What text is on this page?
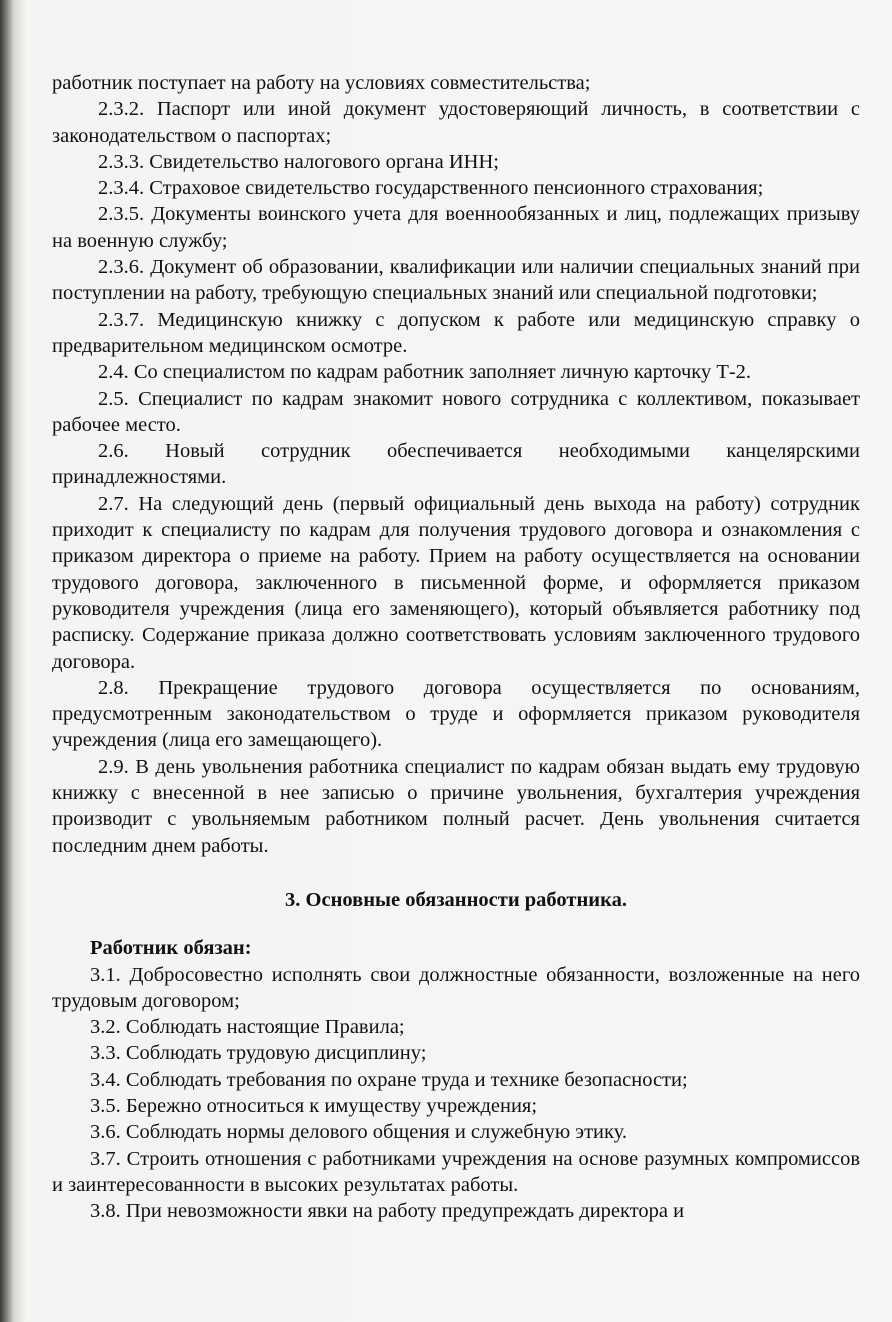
работник поступает на работу на условиях совместительства;

2.3.2. Паспорт или иной документ удостоверяющий личность, в соответствии с законодательством о паспортах;

2.3.3. Свидетельство налогового органа ИНН;

2.3.4. Страховое свидетельство государственного пенсионного страхования;

2.3.5. Документы воинского учета для военнообязанных и лиц, подлежащих призыву на военную службу;

2.3.6. Документ об образовании, квалификации или наличии специальных знаний при поступлении на работу, требующую специальных знаний или специальной подготовки;

2.3.7. Медицинскую книжку с допуском к работе или медицинскую справку о предварительном медицинском осмотре.

2.4. Со специалистом по кадрам работник заполняет личную карточку Т-2.

2.5. Специалист по кадрам знакомит нового сотрудника с коллективом, показывает рабочее место.

2.6. Новый сотрудник обеспечивается необходимыми канцелярскими принадлежностями.

2.7. На следующий день (первый официальный день выхода на работу) сотрудник приходит к специалисту по кадрам для получения трудового договора и ознакомления с приказом директора о приеме на работу. Прием на работу осуществляется на основании трудового договора, заключенного в письменной форме, и оформляется приказом руководителя учреждения (лица его заменяющего), который объявляется работнику под расписку. Содержание приказа должно соответствовать условиям заключенного трудового договора.

2.8. Прекращение трудового договора осуществляется по основаниям, предусмотренным законодательством о труде и оформляется приказом руководителя учреждения (лица его замещающего).

2.9. В день увольнения работника специалист по кадрам обязан выдать ему трудовую книжку с внесенной в нее записью о причине увольнения, бухгалтерия учреждения производит с увольняемым работником полный расчет. День увольнения считается последним днем работы.

3. Основные обязанности работника.
Работник обязан:

3.1. Добросовестно исполнять свои должностные обязанности, возложенные на него трудовым договором;

3.2. Соблюдать настоящие Правила;

3.3. Соблюдать трудовую дисциплину;

3.4. Соблюдать требования по охране труда и технике безопасности;

3.5. Бережно относиться к имуществу учреждения;

3.6. Соблюдать нормы делового общения и служебную этику.

3.7. Строить отношения с работниками учреждения на основе разумных компромиссов и заинтересованности в высоких результатах работы.

3.8. При невозможности явки на работу предупреждать директора и
